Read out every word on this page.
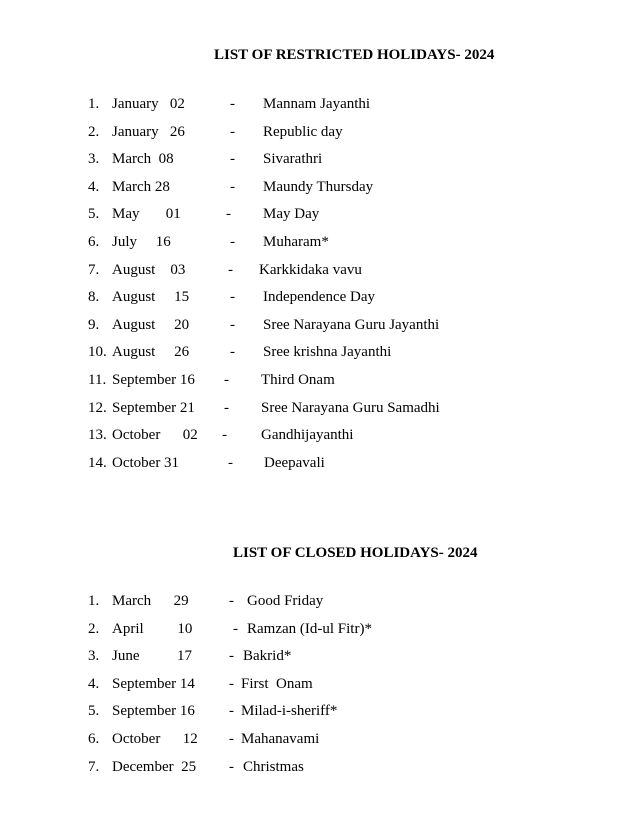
LIST OF RESTRICTED HOLIDAYS- 2024
1. January   02	- Mannam Jayanthi
2. January   26	- Republic day
3. March  08	- Sivarathri
4. March 28	- Maundy Thursday
5. May       01	- May Day
6. July     16	- Muharam*
7. August    03	- Karkkidaka vavu
8. August     15	- Independence Day
9. August     20	- Sree Narayana Guru Jayanthi
10. August     26	- Sree krishna Jayanthi
11. September 16 - Third Onam
12. September 21 - Sree Narayana Guru Samadhi
13. October      02 - Gandhijayanthi
14. October 31	- Deepavali
LIST OF CLOSED HOLIDAYS- 2024
1. March      29	- Good Friday
2. April         10	- Ramzan (Id-ul Fitr)*
3. June          17 - Bakrid*
4. September 14 - First  Onam
5. September 16 - Milad-i-sheriff*
6. October      12 - Mahanavami
7. December  25 - Christmas
